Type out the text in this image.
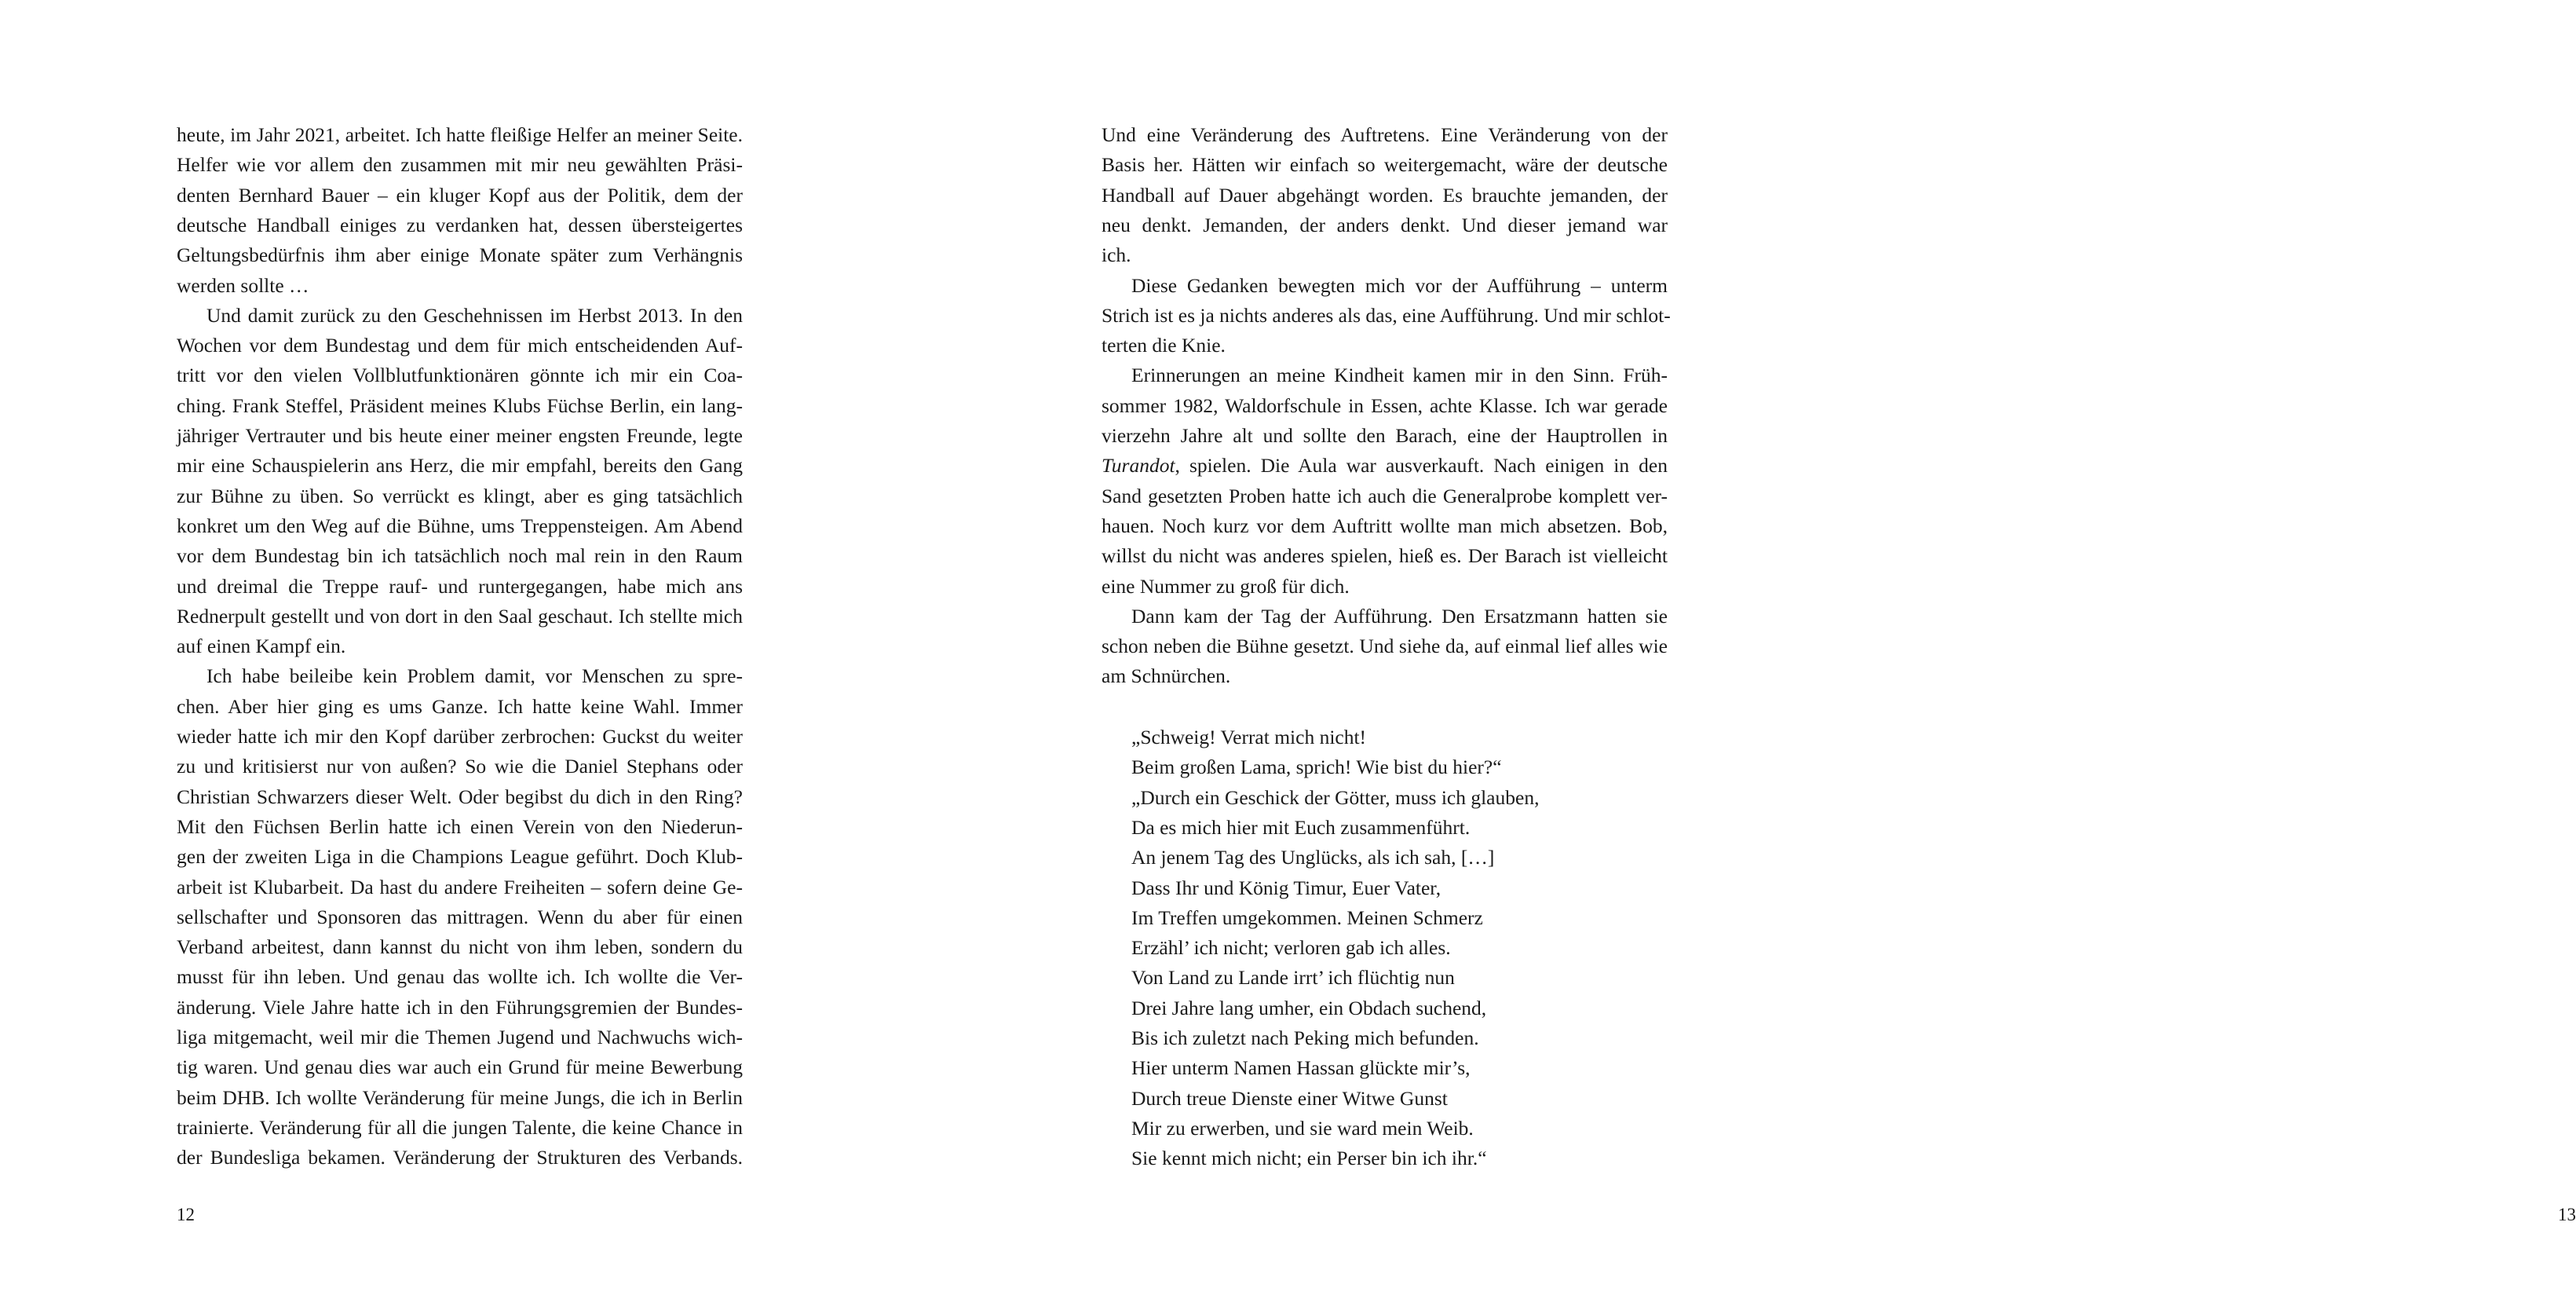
heute, im Jahr 2021, arbeitet. Ich hatte fleißige Helfer an meiner Seite.
Helfer wie vor allem den zusammen mit mir neu gewählten Präsi-
denten Bernhard Bauer – ein kluger Kopf aus der Politik, dem der
deutsche Handball einiges zu verdanken hat, dessen übersteigertes
Geltungsbedürfnis ihm aber einige Monate später zum Verhängnis
werden sollte …
Und damit zurück zu den Geschehnissen im Herbst 2013. In den
Wochen vor dem Bundestag und dem für mich entscheidenden Auf-
tritt vor den vielen Vollblutfunktionären gönnte ich mir ein Coa-
ching. Frank Steffel, Präsident meines Klubs Füchse Berlin, ein lang-
jähriger Vertrauter und bis heute einer meiner engsten Freunde, legte
mir eine Schauspielerin ans Herz, die mir empfahl, bereits den Gang
zur Bühne zu üben. So verrückt es klingt, aber es ging tatsächlich
konkret um den Weg auf die Bühne, ums Treppensteigen. Am Abend
vor dem Bundestag bin ich tatsächlich noch mal rein in den Raum
und dreimal die Treppe rauf- und runtergegangen, habe mich ans
Rednerpult gestellt und von dort in den Saal geschaut. Ich stellte mich
auf einen Kampf ein.
Ich habe beileibe kein Problem damit, vor Menschen zu spre-
chen. Aber hier ging es ums Ganze. Ich hatte keine Wahl. Immer
wieder hatte ich mir den Kopf darüber zerbrochen: Guckst du weiter
zu und kritisierst nur von außen? So wie die Daniel Stephans oder
Christian Schwarzers dieser Welt. Oder begibst du dich in den Ring?
Mit den Füchsen Berlin hatte ich einen Verein von den Niederun-
gen der zweiten Liga in die Champions League geführt. Doch Klub-
arbeit ist Klubarbeit. Da hast du andere Freiheiten – sofern deine Ge-
sellschafter und Sponsoren das mittragen. Wenn du aber für einen
Verband arbeitest, dann kannst du nicht von ihm leben, sondern du
musst für ihn leben. Und genau das wollte ich. Ich wollte die Ver-
änderung. Viele Jahre hatte ich in den Führungsgremien der Bundes-
liga mitgemacht, weil mir die Themen Jugend und Nachwuchs wich-
tig waren. Und genau dies war auch ein Grund für meine Bewerbung
beim DHB. Ich wollte Veränderung für meine Jungs, die ich in Berlin
trainierte. Veränderung für all die jungen Talente, die keine Chance in
der Bundesliga bekamen. Veränderung der Strukturen des Verbands.
12
Und eine Veränderung des Auftretens. Eine Veränderung von der
Basis her. Hätten wir einfach so weitergemacht, wäre der deutsche
Handball auf Dauer abgehängt worden. Es brauchte jemanden, der
neu denkt. Jemanden, der anders denkt. Und dieser jemand war
ich.
Diese Gedanken bewegten mich vor der Aufführung – unterm
Strich ist es ja nichts anderes als das, eine Aufführung. Und mir schlot-
terten die Knie.
Erinnerungen an meine Kindheit kamen mir in den Sinn. Früh-
sommer 1982, Waldorfschule in Essen, achte Klasse. Ich war gerade
vierzehn Jahre alt und sollte den Barach, eine der Hauptrollen in
Turandot, spielen. Die Aula war ausverkauft. Nach einigen in den
Sand gesetzten Proben hatte ich auch die Generalprobe komplett ver-
hauen. Noch kurz vor dem Auftritt wollte man mich absetzen. Bob,
willst du nicht was anderes spielen, hieß es. Der Barach ist vielleicht
eine Nummer zu groß für dich.
Dann kam der Tag der Aufführung. Den Ersatzmann hatten sie
schon neben die Bühne gesetzt. Und siehe da, auf einmal lief alles wie
am Schnürchen.
„Schweig! Verrat mich nicht!
Beim großen Lama, sprich! Wie bist du hier?“
„Durch ein Geschick der Götter, muss ich glauben,
Da es mich hier mit Euch zusammenführt.
An jenem Tag des Unglücks, als ich sah, […]
Dass Ihr und König Timur, Euer Vater,
Im Treffen umgekommen. Meinen Schmerz
Erzähl’ ich nicht; verloren gab ich alles.
Von Land zu Lande irrt’ ich flüchtig nun
Drei Jahre lang umher, ein Obdach suchend,
Bis ich zuletzt nach Peking mich befunden.
Hier unterm Namen Hassan glückte mir’s,
Durch treue Dienste einer Witwe Gunst
Mir zu erwerben, und sie ward mein Weib.
Sie kennt mich nicht; ein Perser bin ich ihr.“
13
